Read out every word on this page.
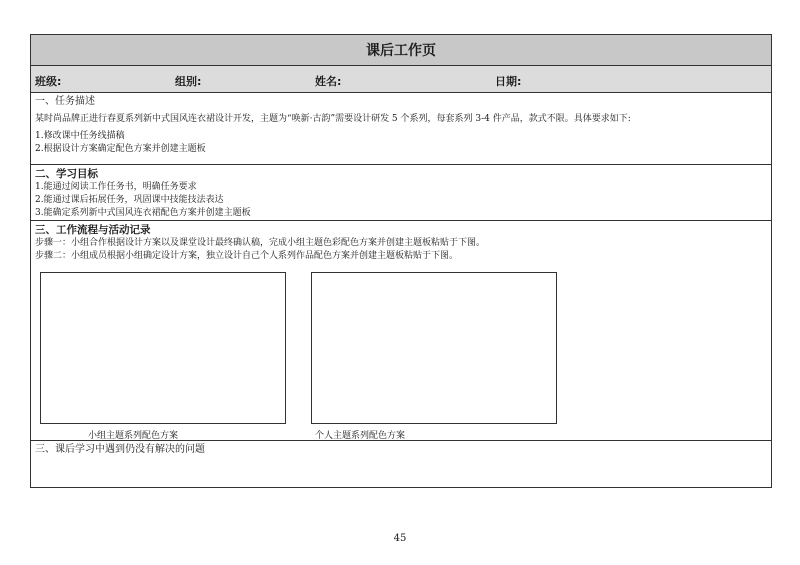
课后工作页
班级:	组别:	姓名:	日期:
一、任务描述
某时尚品牌正进行春夏系列新中式国风连衣裙设计开发，主题为“唤新·古韵”需要设计研发 5 个系列，每套系列 3-4 件产品，款式不限。具体要求如下:
1.修改课中任务线描稿
2.根据设计方案确定配色方案并创建主题板
二、学习目标
1.能通过阅读工作任务书，明确任务要求
2.能通过课后拓展任务，巩固课中技能技法表达
3.能确定系列新中式国风连衣裙配色方案并创建主题板
三、工作流程与活动记录
步骤一：小组合作根据设计方案以及课堂设计最终确认稿，完成小组主题色彩配色方案并创建主题板粘贴于下图。
步骤二：小组成员根据小组确定设计方案，独立设计自己个人系列作品配色方案并创建主题板粘贴于下图。
小组主题系列配色方案	个人主题系列配色方案
三、课后学习中遇到仍没有解决的问题
45
